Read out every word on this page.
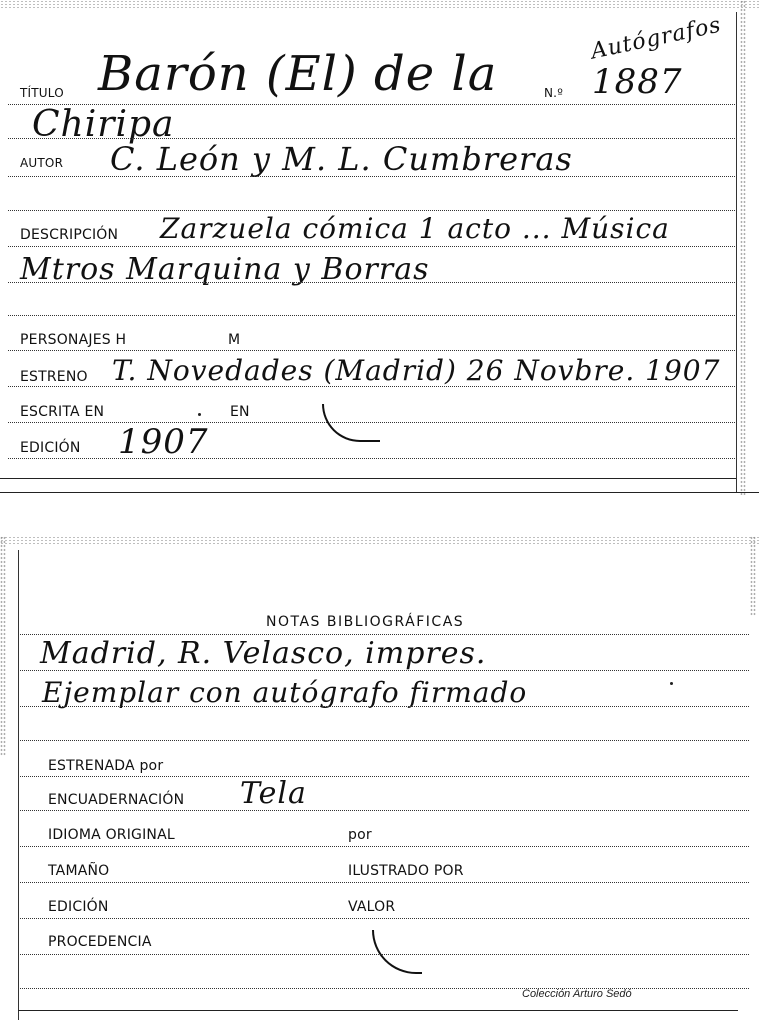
Autógrafos
TÍTULO Barón (El) de la	N.º 1887
Chiripa
AUTOR C. León y M. L. Cumbreras
DESCRIPCIÓN Zarzuela cómica 1 acto ... Música
Mtros Marquina y Borras
PERSONAJES H	M
ESTRENO T. Novedades (Madrid) 26 Novbre. 1907
ESCRITA EN	EN
EDICIÓN 1907
NOTAS BIBLIOGRÁFICAS
Madrid, R. Velasco, impres.
Ejemplar con autógrafo firmado
ESTRENADA por
ENCUADERNACIÓN Tela
IDIOMA ORIGINAL	por
TAMAÑO	ILUSTRADO POR
EDICIÓN	VALOR
PROCEDENCIA
Colección Arturo Sedó
